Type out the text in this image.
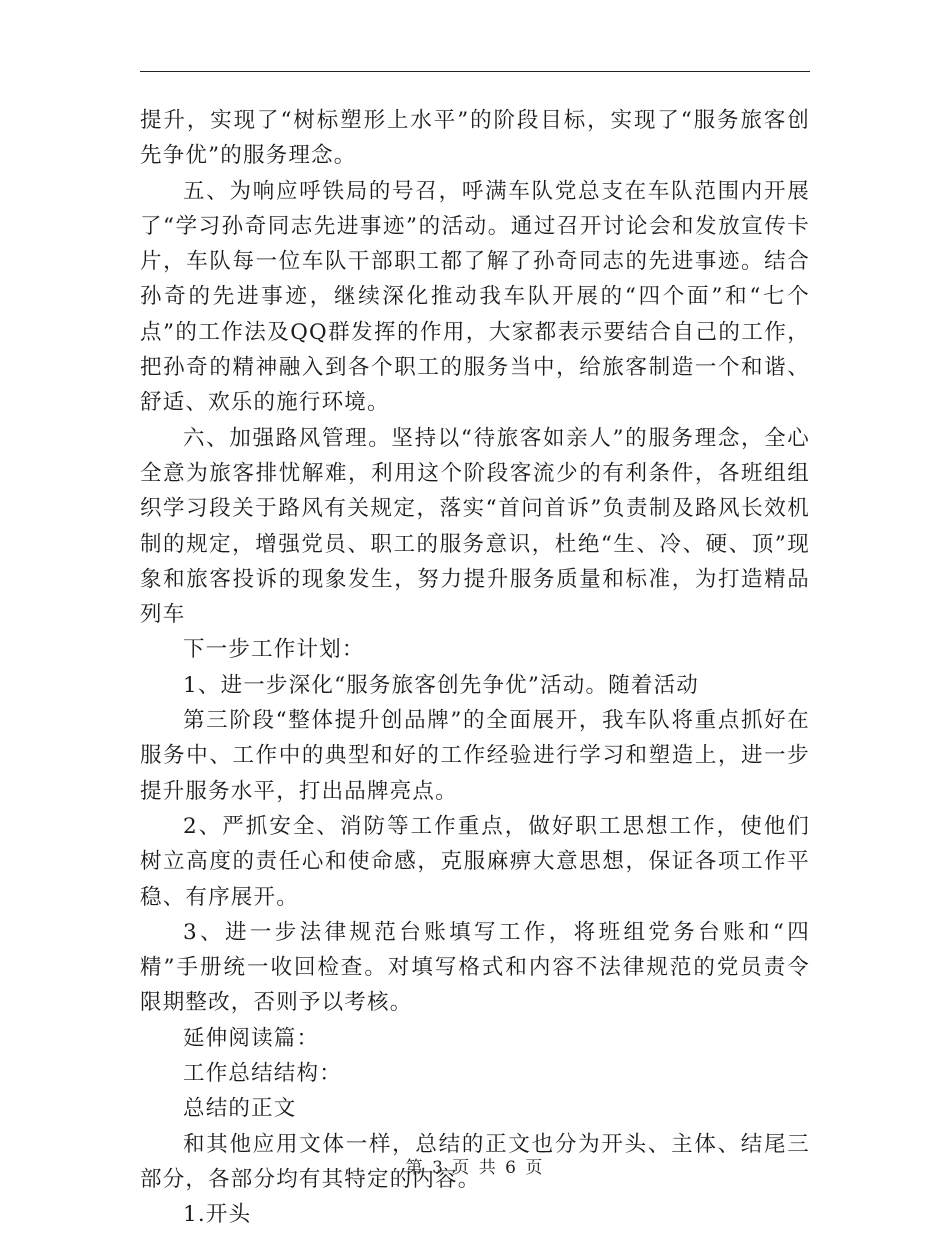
提升，实现了“树标塑形上水平”的阶段目标，实现了“服务旅客创先争优”的服务理念。

五、为响应呼铁局的号召，呼满车队党总支在车队范围内开展了“学习孙奇同志先进事迹”的活动。通过召开讨论会和发放宣传卡片，车队每一位车队干部职工都了解了孙奇同志的先进事迹。结合孙奇的先进事迹，继续深化推动我车队开展的“四个面”和“七个点”的工作法及QQ群发挥的作用，大家都表示要结合自己的工作，把孙奇的精神融入到各个职工的服务当中，给旅客制造一个和谐、舒适、欢乐的施行环境。

六、加强路风管理。坚持以“待旅客如亲人”的服务理念，全心全意为旅客排忧解难，利用这个阶段客流少的有利条件，各班组组织学习段关于路风有关规定，落实“首问首诉”负责制及路风长效机制的规定，增强党员、职工的服务意识，杜绝“生、冷、硬、顶”现象和旅客投诉的现象发生，努力提升服务质量和标准，为打造精品列车

下一步工作计划：

1、进一步深化“服务旅客创先争优”活动。随着活动

第三阶段“整体提升创品牌”的全面展开，我车队将重点抓好在服务中、工作中的典型和好的工作经验进行学习和塑造上，进一步提升服务水平，打出品牌亮点。

2、严抓安全、消防等工作重点，做好职工思想工作，使他们树立高度的责任心和使命感，克服麻痹大意思想，保证各项工作平稳、有序展开。

3、进一步法律规范台账填写工作，将班组党务台账和“四精”手册统一收回检查。对填写格式和内容不法律规范的党员责令限期整改，否则予以考核。

延伸阅读篇：

工作总结结构：

总结的正文

和其他应用文体一样，总结的正文也分为开头、主体、结尾三部分，各部分均有其特定的内容。

1.开头

第 3 页 共 6 页
